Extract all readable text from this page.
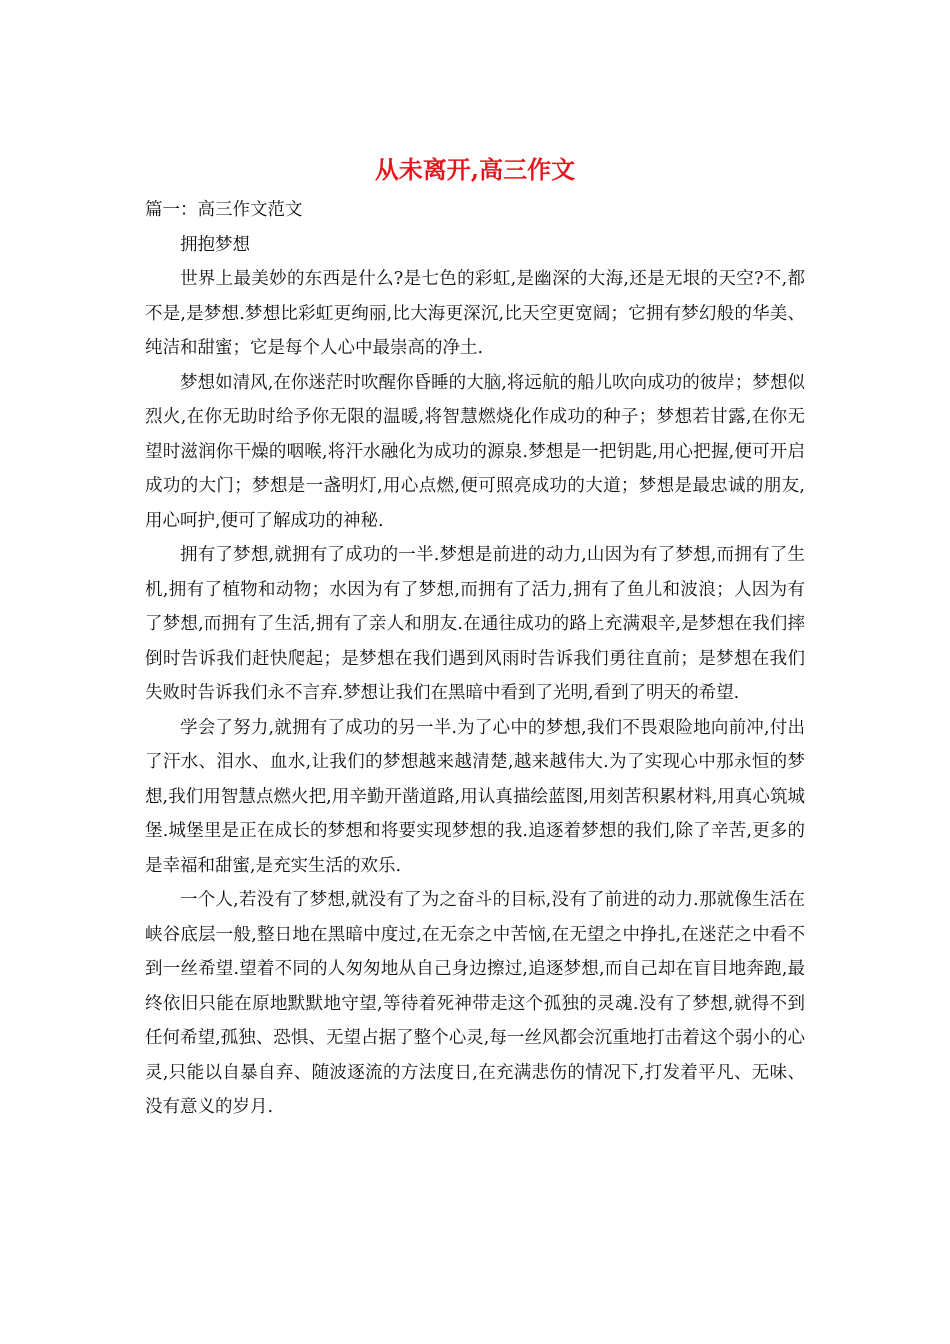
从未离开,高三作文

篇一：高三作文范文

拥抱梦想

世界上最美妙的东西是什么?是七色的彩虹,是幽深的大海,还是无垠的天空?不,都不是,是梦想.梦想比彩虹更绚丽,比大海更深沉,比天空更宽阔；它拥有梦幻般的华美、纯洁和甜蜜；它是每个人心中最崇高的净土.

梦想如清风,在你迷茫时吹醒你昏睡的大脑,将远航的船儿吹向成功的彼岸；梦想似烈火,在你无助时给予你无限的温暖,将智慧燃烧化作成功的种子；梦想若甘露,在你无望时滋润你干燥的咽喉,将汗水融化为成功的源泉.梦想是一把钥匙,用心把握,便可开启成功的大门；梦想是一盏明灯,用心点燃,便可照亮成功的大道；梦想是最忠诚的朋友,用心呵护,便可了解成功的神秘.

拥有了梦想,就拥有了成功的一半.梦想是前进的动力,山因为有了梦想,而拥有了生机,拥有了植物和动物；水因为有了梦想,而拥有了活力,拥有了鱼儿和波浪；人因为有了梦想,而拥有了生活,拥有了亲人和朋友.在通往成功的路上充满艰辛,是梦想在我们摔倒时告诉我们赶快爬起；是梦想在我们遇到风雨时告诉我们勇往直前；是梦想在我们失败时告诉我们永不言弃.梦想让我们在黑暗中看到了光明,看到了明天的希望.

学会了努力,就拥有了成功的另一半.为了心中的梦想,我们不畏艰险地向前冲,付出了汗水、泪水、血水,让我们的梦想越来越清楚,越来越伟大.为了实现心中那永恒的梦想,我们用智慧点燃火把,用辛勤开凿道路,用认真描绘蓝图,用刻苦积累材料,用真心筑城堡.城堡里是正在成长的梦想和将要实现梦想的我.追逐着梦想的我们,除了辛苦,更多的是幸福和甜蜜,是充实生活的欢乐.

一个人,若没有了梦想,就没有了为之奋斗的目标,没有了前进的动力.那就像生活在峡谷底层一般,整日地在黑暗中度过,在无奈之中苦恼,在无望之中挣扎,在迷茫之中看不到一丝希望.望着不同的人匆匆地从自己身边擦过,追逐梦想,而自己却在盲目地奔跑,最终依旧只能在原地默默地守望,等待着死神带走这个孤独的灵魂.没有了梦想,就得不到任何希望,孤独、恐惧、无望占据了整个心灵,每一丝风都会沉重地打击着这个弱小的心灵,只能以自暴自弃、随波逐流的方法度日,在充满悲伤的情况下,打发着平凡、无味、没有意义的岁月.
